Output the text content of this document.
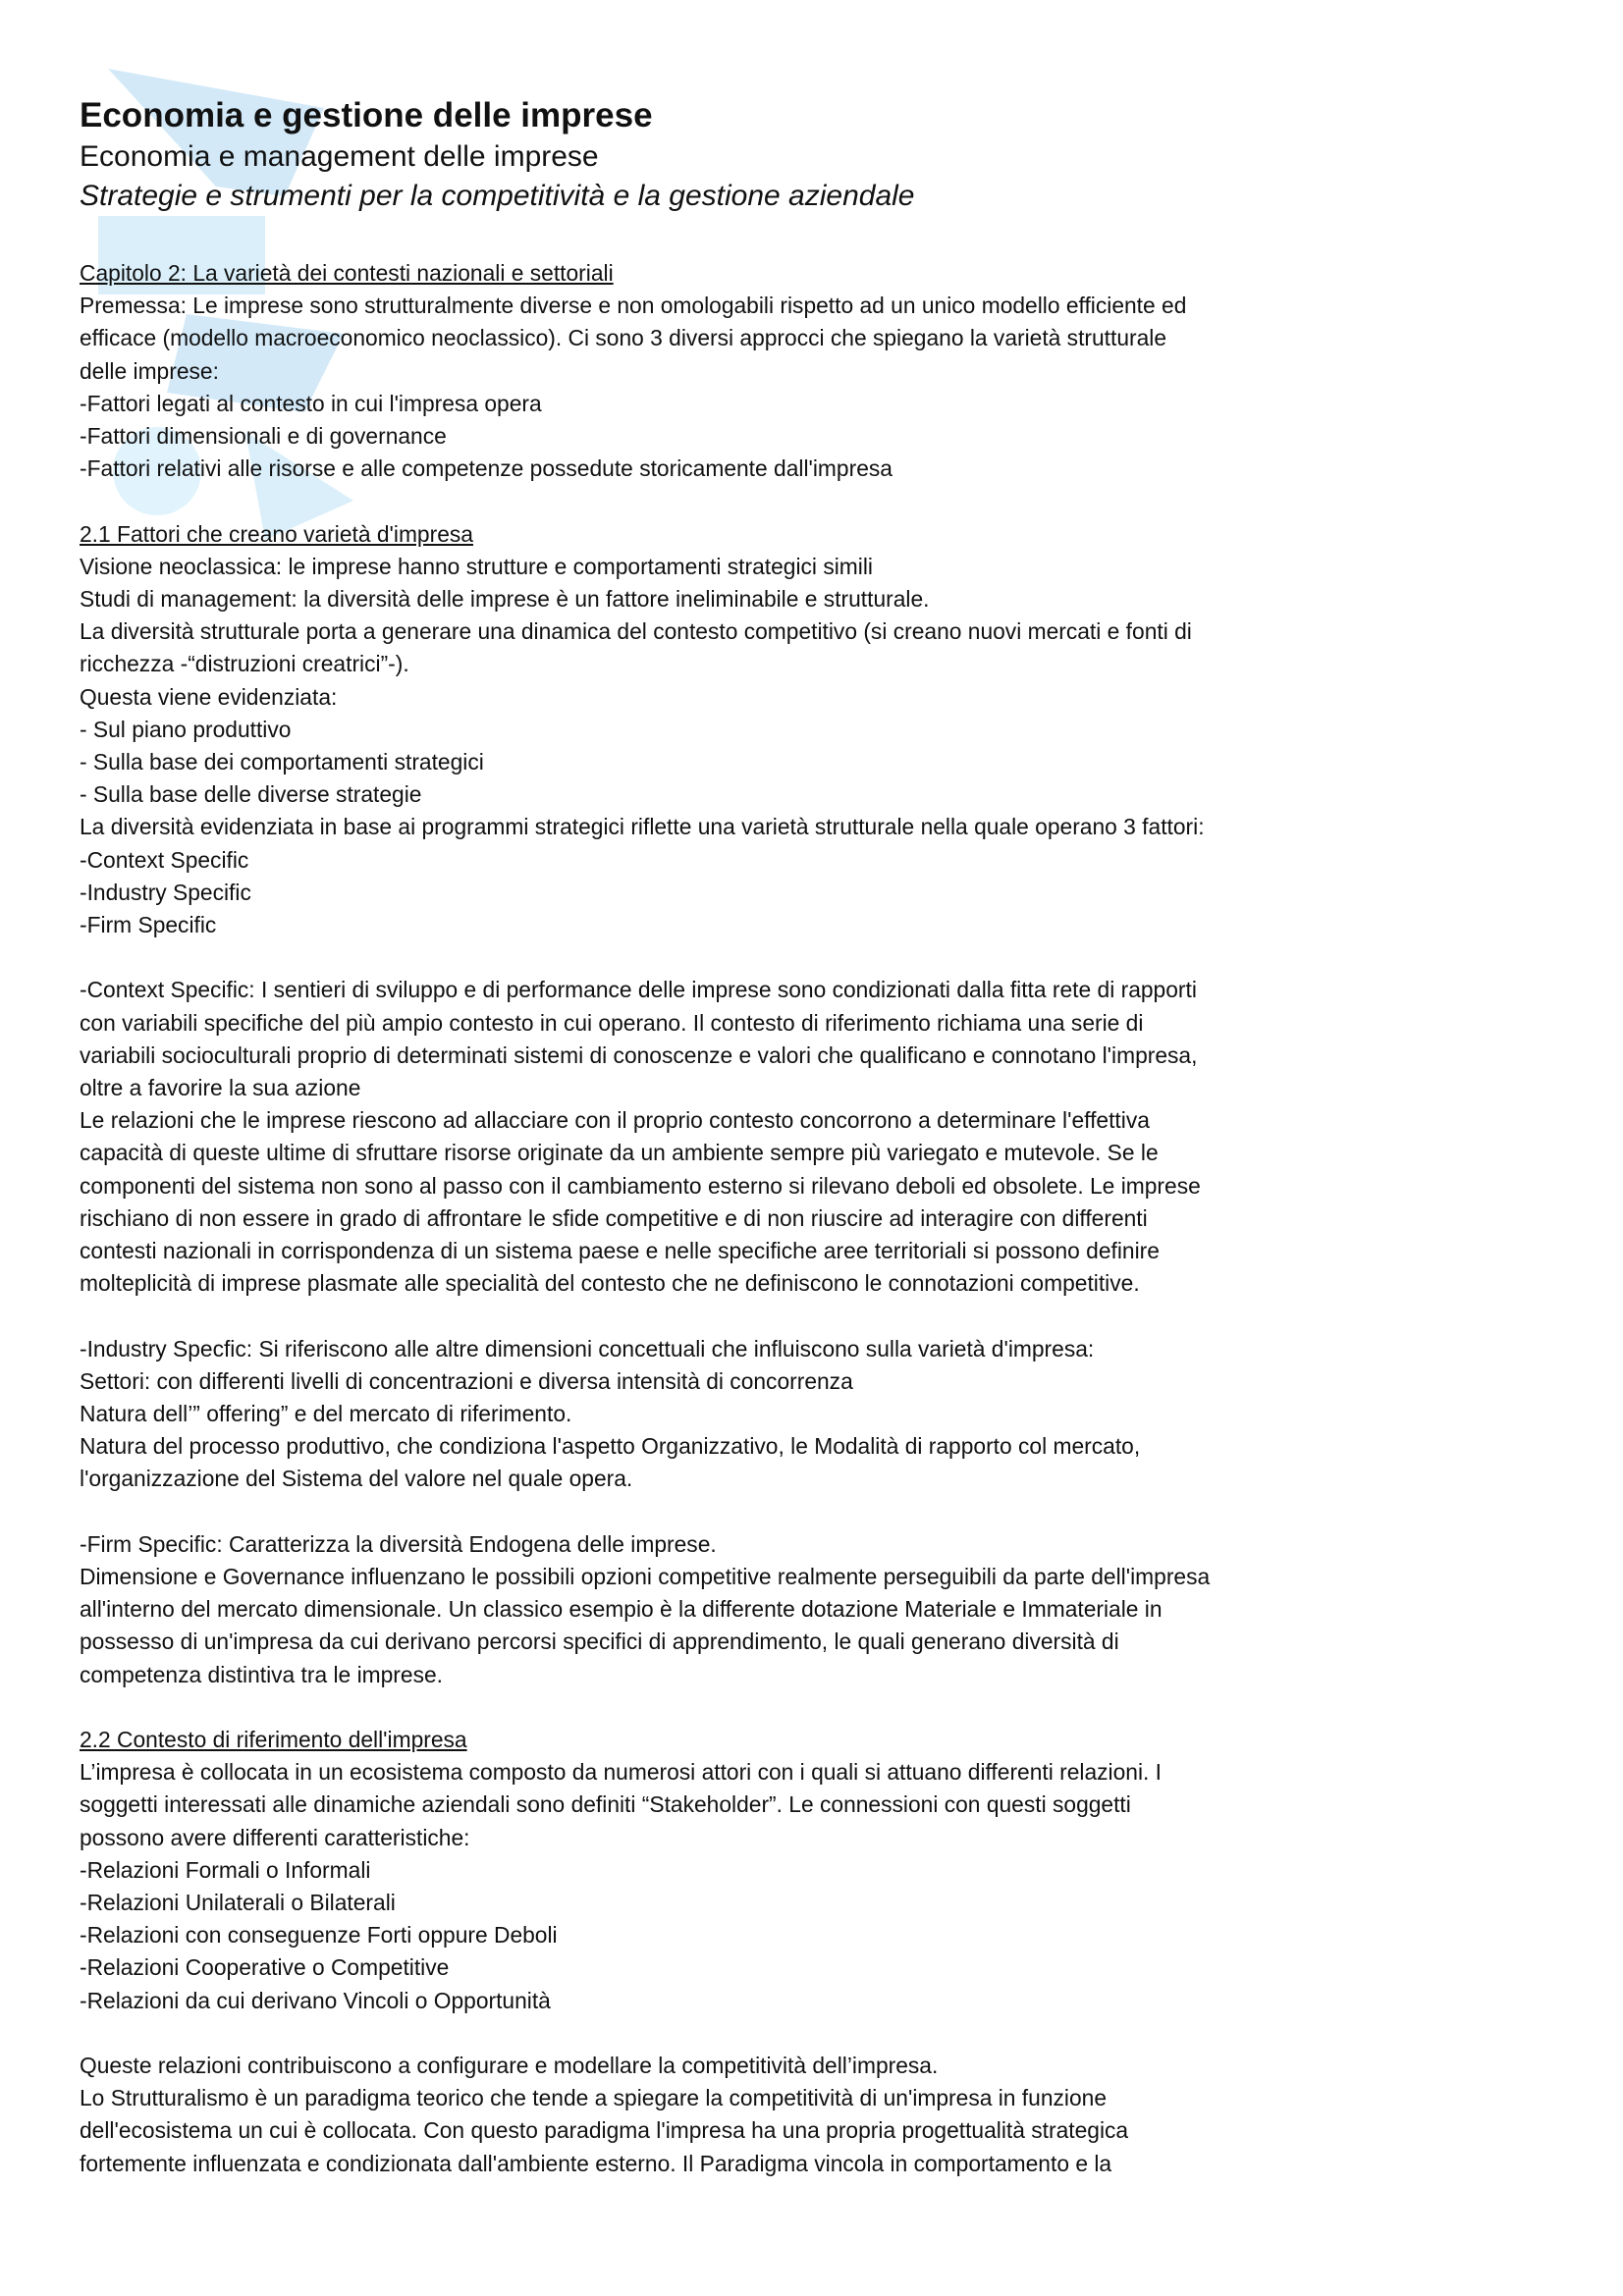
Economia e gestione delle imprese

Economia e management delle imprese

Strategie e strumenti per la competitività e la gestione aziendale

Capitolo 2: La varietà dei contesti nazionali e settoriali

Premessa: Le imprese sono strutturalmente diverse e non omologabili rispetto ad un unico modello efficiente ed

efficace (modello macroeconomico neoclassico). Ci sono 3 diversi approcci che spiegano la varietà strutturale

delle imprese:

-Fattori legati al contesto in cui l'impresa opera

-Fattori dimensionali e di governance

-Fattori relativi alle risorse e alle competenze possedute storicamente dall'impresa

2.1 Fattori che creano varietà d'impresa

Visione neoclassica: le imprese hanno strutture e comportamenti strategici simili

Studi di management: la diversità delle imprese è un fattore ineliminabile e strutturale.

La diversità strutturale porta a generare una dinamica del contesto competitivo (si creano nuovi mercati e fonti di

ricchezza -“distruzioni creatrici”-).

Questa viene evidenziata:

- Sul piano produttivo

- Sulla base dei comportamenti strategici

- Sulla base delle diverse strategie

La diversità evidenziata in base ai programmi strategici riflette una varietà strutturale nella quale operano 3 fattori:

-Context Specific

-Industry Specific

-Firm Specific

-Context Specific: I sentieri di sviluppo e di performance delle imprese sono condizionati dalla fitta rete di rapporti

con variabili specifiche del più ampio contesto in cui operano. Il contesto di riferimento richiama una serie di

variabili socioculturali proprio di determinati sistemi di conoscenze e valori che qualificano e connotano l'impresa,

oltre a favorire la sua azione

Le relazioni che le imprese riescono ad allacciare con il proprio contesto concorrono a determinare l'effettiva

capacità di queste ultime di sfruttare risorse originate da un ambiente sempre più variegato e mutevole. Se le

componenti del sistema non sono al passo con il cambiamento esterno si rilevano deboli ed obsolete. Le imprese

rischiano di non essere in grado di affrontare le sfide competitive e di non riuscire ad interagire con differenti

contesti nazionali in corrispondenza di un sistema paese e nelle specifiche aree territoriali si possono definire

molteplicità di imprese plasmate alle specialità del contesto che ne definiscono le connotazioni competitive.

-Industry Specfic: Si riferiscono alle altre dimensioni concettuali che influiscono sulla varietà d'impresa:

Settori: con differenti livelli di concentrazioni e diversa intensità di concorrenza

Natura dell’” offering” e del mercato di riferimento.

Natura del processo produttivo, che condiziona l'aspetto Organizzativo, le Modalità di rapporto col mercato,

l'organizzazione del Sistema del valore nel quale opera.

-Firm Specific: Caratterizza la diversità Endogena delle imprese.

Dimensione e Governance influenzano le possibili opzioni competitive realmente perseguibili da parte dell'impresa

all'interno del mercato dimensionale. Un classico esempio è la differente dotazione Materiale e Immateriale in

possesso di un'impresa da cui derivano percorsi specifici di apprendimento, le quali generano diversità di

competenza distintiva tra le imprese.

2.2 Contesto di riferimento dell'impresa

L’impresa è collocata in un ecosistema composto da numerosi attori con i quali si attuano differenti relazioni. I

soggetti interessati alle dinamiche aziendali sono definiti “Stakeholder”. Le connessioni con questi soggetti

possono avere differenti caratteristiche:

-Relazioni Formali o Informali

-Relazioni Unilaterali o Bilaterali

-Relazioni con conseguenze Forti oppure Deboli

-Relazioni Cooperative o Competitive

-Relazioni da cui derivano Vincoli o Opportunità

Queste relazioni contribuiscono a configurare e modellare la competitività dell’impresa.

Lo Strutturalismo è un paradigma teorico che tende a spiegare la competitività di un'impresa in funzione

dell'ecosistema un cui è collocata. Con questo paradigma l'impresa ha una propria progettualità strategica

fortemente influenzata e condizionata dall'ambiente esterno. Il Paradigma vincola in comportamento e la
